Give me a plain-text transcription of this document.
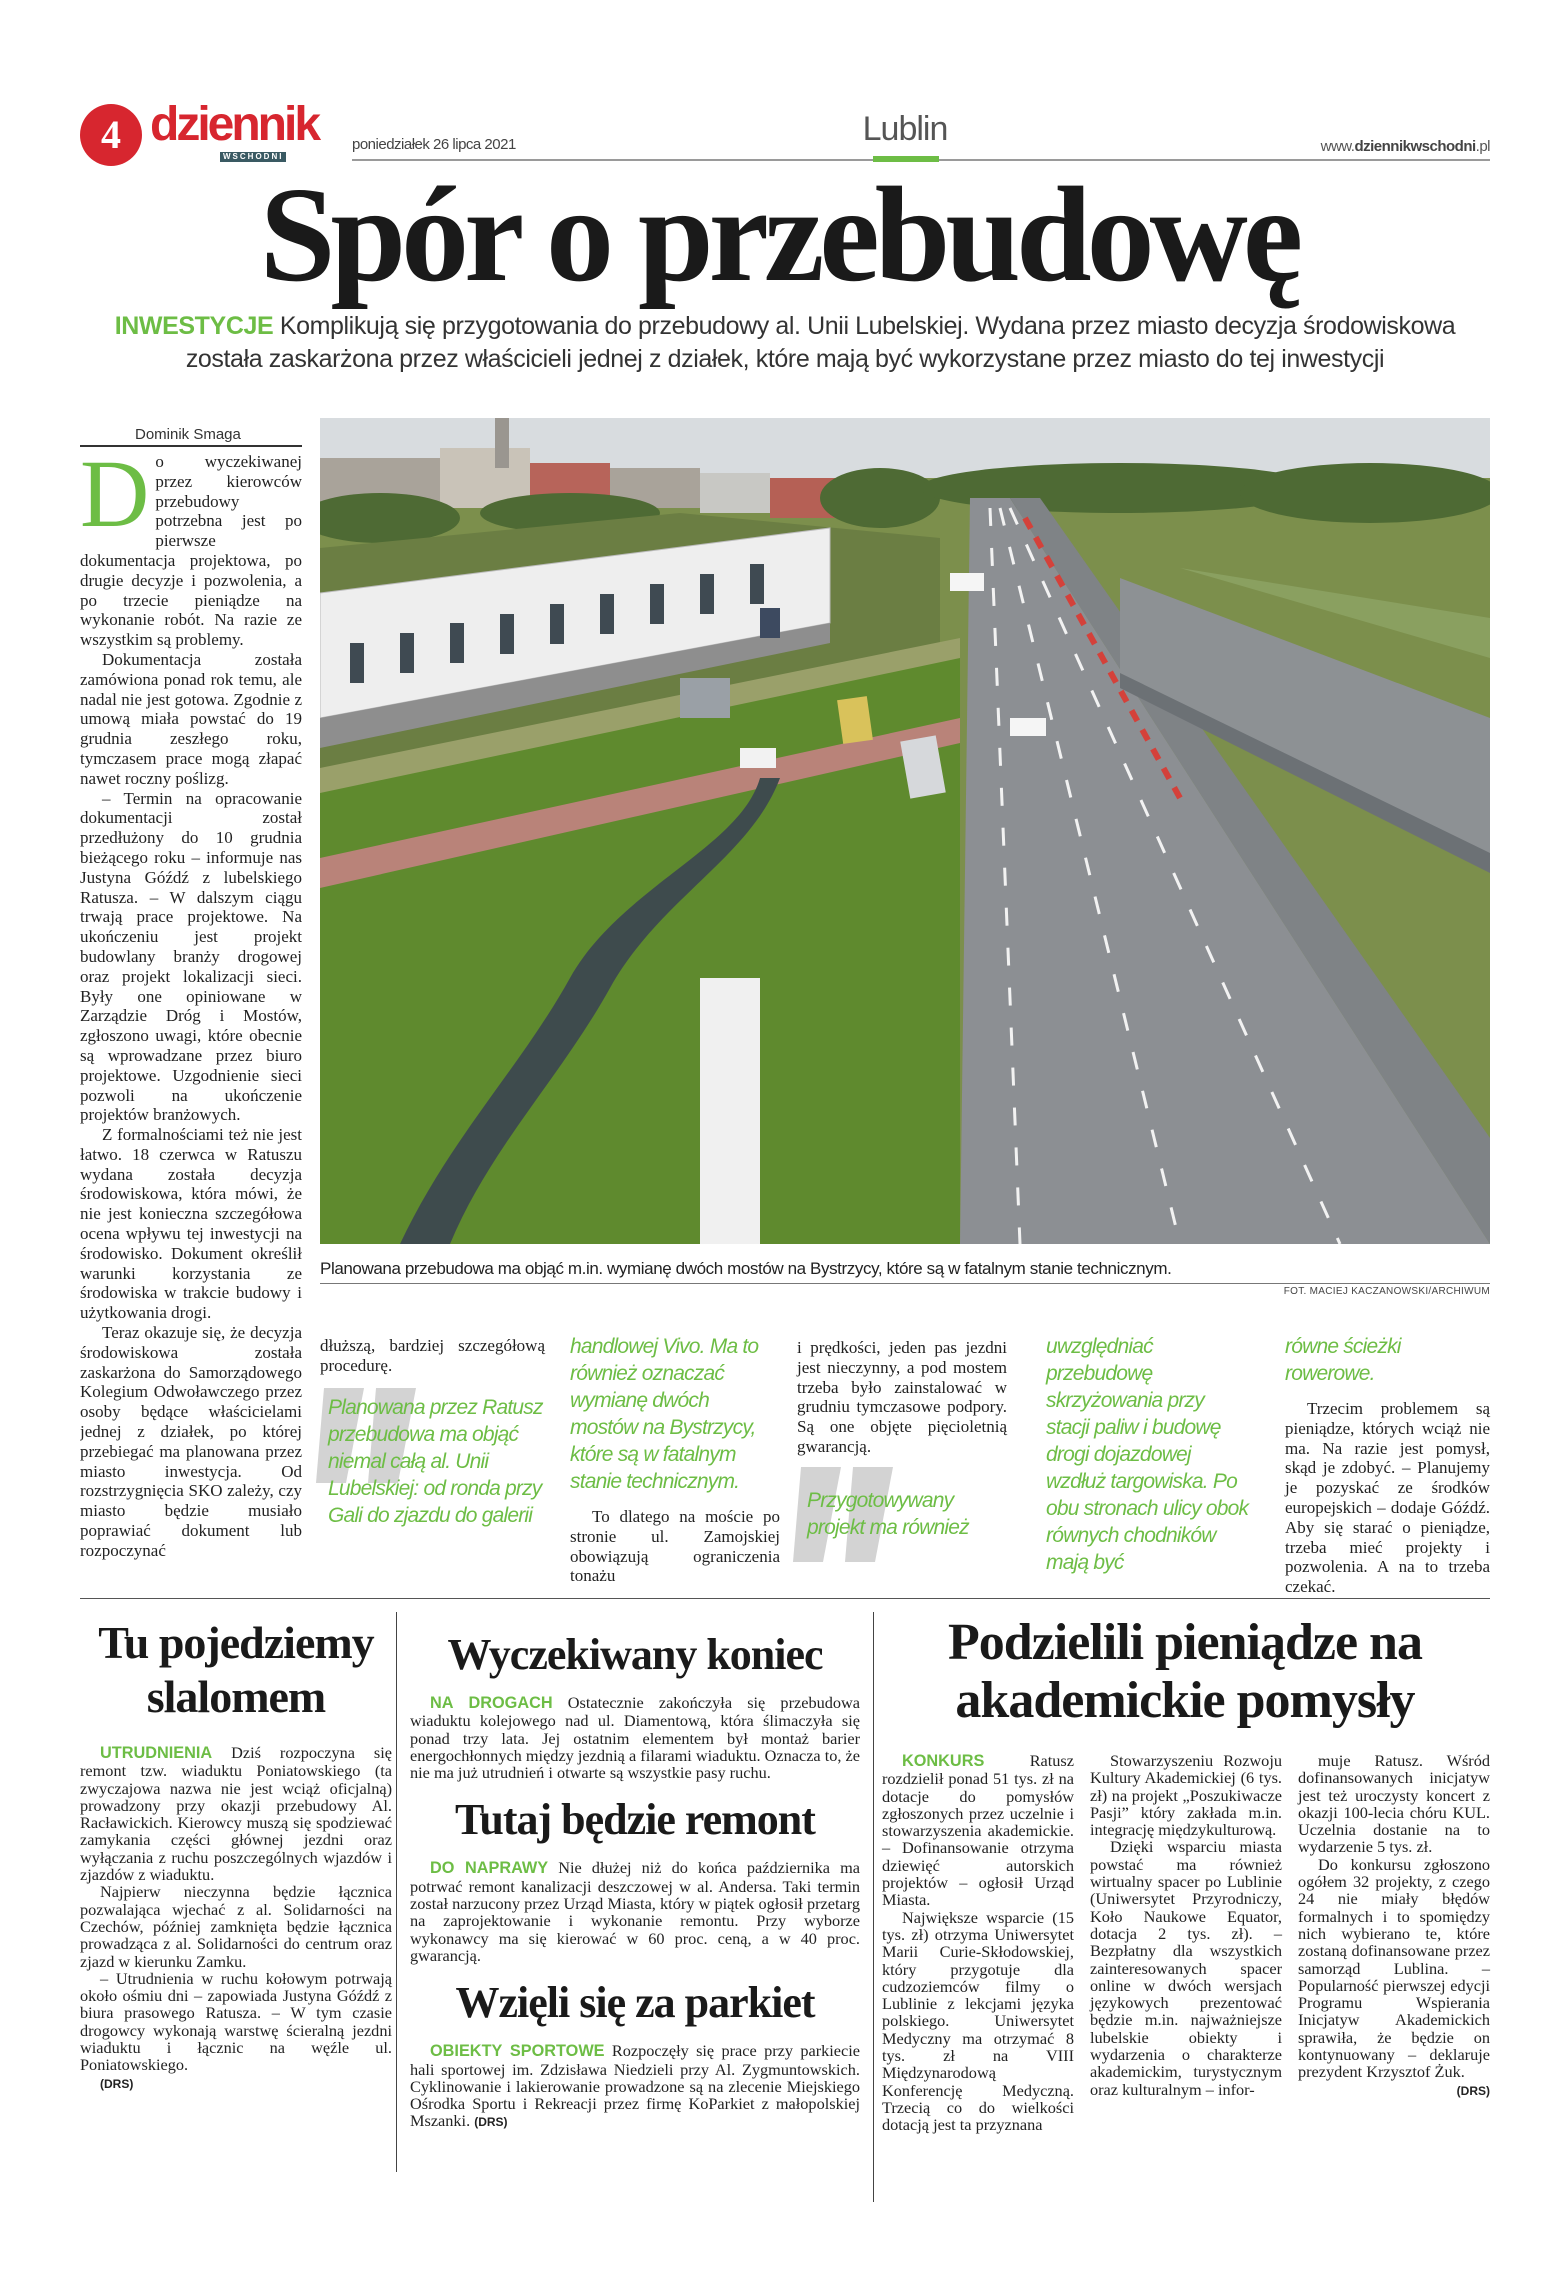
4 dziennik
WSCHODNI
poniedziałek 26 lipca 2021	Lublin	www.dziennikwschodni.pl
Spór o przebudowę
INWESTYCJE Komplikują się przygotowania do przebudowy al. Unii Lubelskiej. Wydana przez miasto decyzja środowiskowa została zaskarżona przez właścicieli jednej z działek, które mają być wykorzystane przez miasto do tej inwestycji
Dominik Smaga

Do wyczekiwanej przez kierowców przebudowy potrzebna jest po pierwsze dokumentacja projektowa, po drugie decyzje i pozwolenia, a po trzecie pieniądze na wykonanie robót. Na razie ze wszystkim są problemy.

Dokumentacja została zamówiona ponad rok temu, ale nadal nie jest gotowa. Zgodnie z umową miała powstać do 19 grudnia zeszłego roku, tymczasem prace mogą złapać nawet roczny poślizg.

– Termin na opracowanie dokumentacji został przedłużony do 10 grudnia bieżącego roku – informuje nas Justyna Góźdź z lubelskiego Ratusza. – W dalszym ciągu trwają prace projektowe. Na ukończeniu jest projekt budowlany branży drogowej oraz projekt lokalizacji sieci. Były one opiniowane w Zarządzie Dróg i Mostów, zgłoszono uwagi, które obecnie są wprowadzane przez biuro projektowe. Uzgodnienie sieci pozwoli na ukończenie projektów branżowych.

Z formalnościami też nie jest łatwo. 18 czerwca w Ratuszu wydana została decyzja środowiskowa, która mówi, że nie jest konieczna szczegółowa ocena wpływu tej inwestycji na środowisko. Dokument określił warunki korzystania ze środowiska w trakcie budowy i użytkowania drogi.

Teraz okazuje się, że decyzja środowiskowa została zaskarżona do Samorządowego Kolegium Odwoławczego przez osoby będące właścicielami jednej z działek, po której przebiegać ma planowana przez miasto inwestycja. Od rozstrzygnięcia SKO zależy, czy miasto będzie musiało poprawiać dokument lub rozpoczynać

Planowana przebudowa ma objąć m.in. wymianę dwóch mostów na Bystrzycy, które są w fatalnym stanie technicznym.
FOT. MACIEJ KACZANOWSKI/ARCHIWUM

dłuższą, bardziej szczegółową procedurę.

Planowana przez Ratusz przebudowa ma objąć niemal całą al. Unii Lubelskiej: od ronda przy Gali do zjazdu do galerii
handlowej Vivo. Ma to również oznaczać wymianę dwóch mostów na Bystrzycy, które są w fatalnym stanie technicznym.

To dlatego na moście po stronie ul. Zamojskiej obowiązują ograniczenia tonażu

i prędkości, jeden pas jezdni jest nieczynny, a pod mostem trzeba było zainstalować w grudniu tymczasowe podpory. Są one objęte pięcioletnią gwarancją.

Przygotowywany projekt ma również
uwzględniać przebudowę skrzyżowania przy stacji paliw i budowę drogi dojazdowej wzdłuż targowiska. Po obu stronach ulicy obok równych chodników mają być
równe ścieżki rowerowe.

Trzecim problemem są pieniądze, których wciąż nie ma. Na razie jest pomysł, skąd je zdobyć. – Planujemy je pozyskać ze środków europejskich – dodaje Góźdź. Aby się starać o pieniądze, trzeba mieć projekty i pozwolenia. A na to trzeba czekać.

Tu pojedziemy slalomem

UTRUDNIENIA Dziś rozpoczyna się remont tzw. wiaduktu Poniatowskiego (ta zwyczajowa nazwa nie jest wciąż oficjalną) prowadzony przy okazji przebudowy Al. Racławickich. Kierowcy muszą się spodziewać zamykania części głównej jezdni oraz wyłączania z ruchu poszczególnych wjazdów i zjazdów z wiaduktu.

Najpierw nieczynna będzie łącznica pozwalająca wjechać z al. Solidarności na Czechów, później zamknięta będzie łącznica prowadząca z al. Solidarności do centrum oraz zjazd w kierunku Zamku.

– Utrudnienia w ruchu kołowym potrwają około ośmiu dni – zapowiada Justyna Góźdź z biura prasowego Ratusza. – W tym czasie drogowcy wykonają warstwę ścieralną jezdni wiaduktu i łącznic na węźle ul. Poniatowskiego.

(DRS)

Wyczekiwany koniec

NA DROGACH Ostatecznie zakończyła się przebudowa wiaduktu kolejowego nad ul. Diamentową, która ślimaczyła się ponad trzy lata. Jej ostatnim elementem był montaż barier energochłonnych między jezdnią a filarami wiaduktu. Oznacza to, że nie ma już utrudnień i otwarte są wszystkie pasy ruchu.

Tutaj będzie remont

DO NAPRAWY Nie dłużej niż do końca października ma potrwać remont kanalizacji deszczowej w al. Andersa. Taki termin został narzucony przez Urząd Miasta, który w piątek ogłosił przetarg na zaprojektowanie i wykonanie remontu. Przy wyborze wykonawcy ma się kierować w 60 proc. ceną, a w 40 proc. gwarancją.

Wzięli się za parkiet

OBIEKTY SPORTOWE Rozpoczęły się prace przy parkiecie hali sportowej im. Zdzisława Niedzieli przy Al. Zygmuntowskich. Cyklinowanie i lakierowanie prowadzone są na zlecenie Miejskiego Ośrodka Sportu i Rekreacji przez firmę KoParkiet z małopolskiej Mszanki. (DRS)

Podzielili pieniądze na
akademickie pomysły

KONKURS	Ratusz rozdzielił ponad 51 tys. zł na dotacje do pomysłów zgłoszonych przez uczelnie i stowarzyszenia akademickie. – Dofinansowanie otrzyma dziewięć autorskich projektów – ogłosił Urząd Miasta.

Największe wsparcie (15 tys. zł) otrzyma Uniwersytet Marii Curie-Skłodowskiej, który przygotuje dla cudzoziemców filmy o Lublinie z lekcjami języka polskiego. Uniwersytet Medyczny ma otrzymać 8 tys. zł na VIII Międzynarodową Konferencję Medyczną. Trzecią co do wielkości dotacją jest ta przyznana

Stowarzyszeniu Rozwoju Kultury Akademickiej (6 tys. zł) na projekt „Poszukiwacze Pasji” który zakłada m.in. integrację międzykulturową.

Dzięki wsparciu miasta powstać ma również wirtualny spacer po Lublinie (Uniwersytet Przyrodniczy, Koło Naukowe Equator, dotacja 2 tys. zł). – Bezpłatny dla wszystkich zainteresowanych spacer online w dwóch wersjach językowych prezentować będzie m.in. najważniejsze lubelskie obiekty i wydarzenia o charakterze akademickim, turystycznym oraz kulturalnym – infor-

muje Ratusz. Wśród dofinansowanych inicjatyw jest też uroczysty koncert z okazji 100-lecia chóru KUL. Uczelnia dostanie na to wydarzenie 5 tys. zł.

Do konkursu zgłoszono ogółem 32 projekty, z czego 24 nie miały błędów formalnych i to spomiędzy nich wybierano te, które zostaną dofinansowane przez samorząd Lublina. – Popularność pierwszej edycji Programu Wspierania Inicjatyw Akademickich sprawiła, że będzie on kontynuowany – deklaruje prezydent Krzysztof Żuk.

(DRS)
